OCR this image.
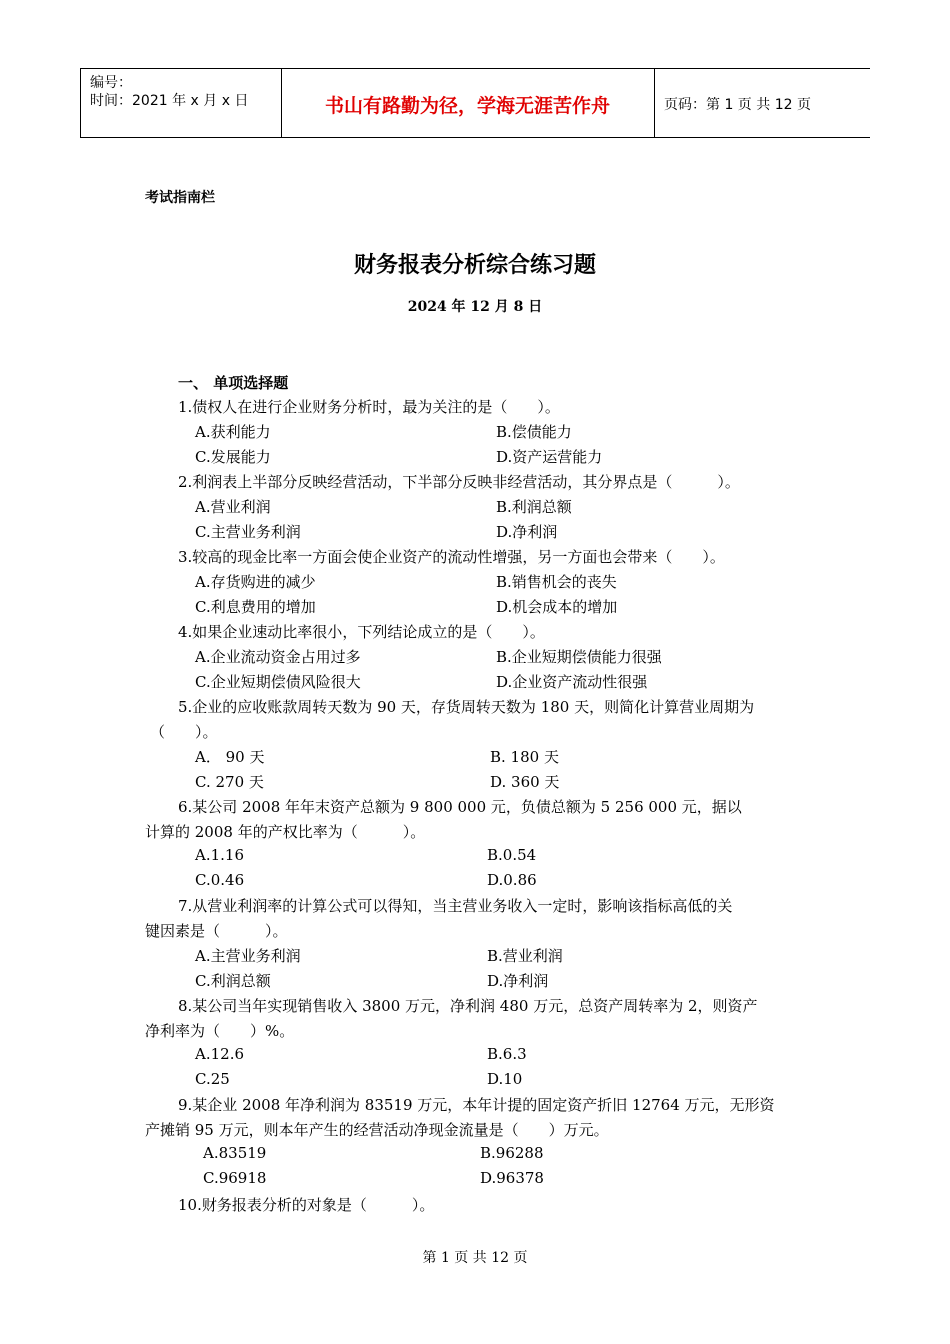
编号：
时间：2021 年 x 月 x 日	书山有路勤为径，学海无涯苦作舟	页码：第 1 页 共 12 页
考试指南栏
财务报表分析综合练习题
2024 年 12 月 8 日
一、 单项选择题
1.债权人在进行企业财务分析时，最为关注的是（　　）。
A.获利能力	B.偿债能力
C.发展能力	D.资产运营能力
2.利润表上半部分反映经营活动，下半部分反映非经营活动，其分界点是（　　　）。
A.营业利润	B.利润总额
C.主营业务利润	D.净利润
3.较高的现金比率一方面会使企业资产的流动性增强，另一方面也会带来（　　）。
A.存货购进的减少	B.销售机会的丧失
C.利息费用的增加	D.机会成本的增加
4.如果企业速动比率很小，下列结论成立的是（　　）。
A.企业流动资金占用过多	B.企业短期偿债能力很强
C.企业短期偿债风险很大	D.企业资产流动性很强
5.企业的应收账款周转天数为 90 天，存货周转天数为 180 天，则简化计算营业周期为
（　　）。
A． 90 天	B. 180 天
C. 270 天	D. 360 天
6.某公司 2008 年年末资产总额为 9 800 000 元，负债总额为 5 256 000 元，据以
计算的 2008 年的产权比率为（　　　）。
A.1.16	B.0.54
C.0.46	D.0.86
7.从营业利润率的计算公式可以得知，当主营业务收入一定时，影响该指标高低的关
键因素是（　　　）。
A.主营业务利润	B.营业利润
C.利润总额	D.净利润
8.某公司当年实现销售收入 3800 万元，净利润 480 万元，总资产周转率为 2，则资产
净利率为（　　）%。
A.12.6	B.6.3
C.25	D.10
9.某企业 2008 年净利润为 83519 万元，本年计提的固定资产折旧 12764 万元，无形资
产摊销 95 万元，则本年产生的经营活动净现金流量是（　　）万元。
A.83519	B.96288
C.96918	D.96378
10.财务报表分析的对象是（　　　）。
第 1 页 共 12 页
